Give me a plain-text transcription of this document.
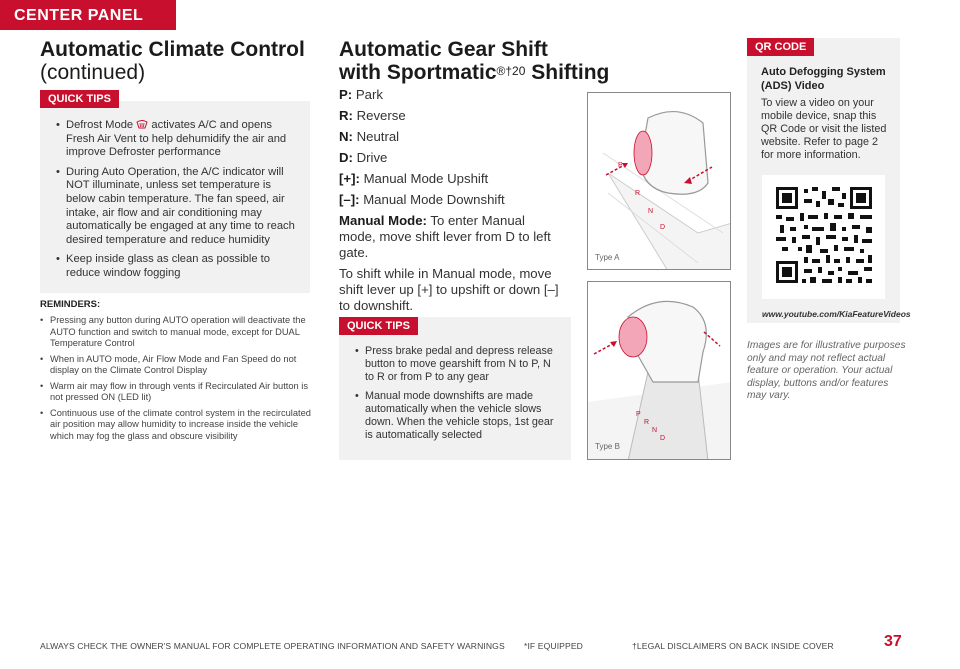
CENTER PANEL
Automatic Climate Control
(continued)
• Defrost Mode activates A/C and opens Fresh Air Vent to help dehumidify the air and improve Defroster performance
• During Auto Operation, the A/C indicator will NOT illuminate, unless set temperature is below cabin temperature. The fan speed, air intake, air flow and air conditioning may automatically be engaged at any time to reach desired temperature and reduce humidity
• Keep inside glass as clean as possible to reduce window fogging
QUICK TIPS
REMINDERS:
• Pressing any button during AUTO operation will deactivate the AUTO function and switch to manual mode, except for DUAL Temperature Control
• When in AUTO mode, Air Flow Mode and Fan Speed do not display on the Climate Control Display
• Warm air may flow in through vents if Recirculated Air button is not pressed ON (LED lit)
• Continuous use of the climate control system in the recirculated air position may allow humidity to increase inside the vehicle which may fog the glass and obscure visibility
Automatic Gear Shift
with Sportmatic$^{®\dagger 20}$ Shifting

P: Park

R: Reverse

N: Neutral

D: Drive

[+]: Manual Mode Upshift

[–]: Manual Mode Downshift

Manual Mode: To enter Manual mode, move shift lever from D to left gate.

To shift while in Manual mode, move shift lever up [+] to upshift or down [–] to downshift.

• Press brake pedal and depress release button to move gearshift from N to P, N to R or from P to any gear
• Manual mode downshifts are made automatically when the vehicle slows down. When the vehicle stops, 1st gear is automatically selected
QUICK TIPS
P
R
N
D
Type A
P
R
N
D
Type B
Auto Defogging System (ADS) Video
To view a video on your mobile device, snap this QR Code or visit the listed website. Refer to page 2 for more information.
QR CODE
www.youtube.com/KiaFeatureVideos
Images are for illustrative purposes only and may not reflect actual feature or operation. Your actual display, buttons and/or features may vary.
ALWAYS CHECK THE OWNER'S MANUAL FOR COMPLETE OPERATING INFORMATION AND SAFETY WARNINGS *IF EQUIPPED	†LEGAL DISCLAIMERS ON BACK INSIDE COVER	37
